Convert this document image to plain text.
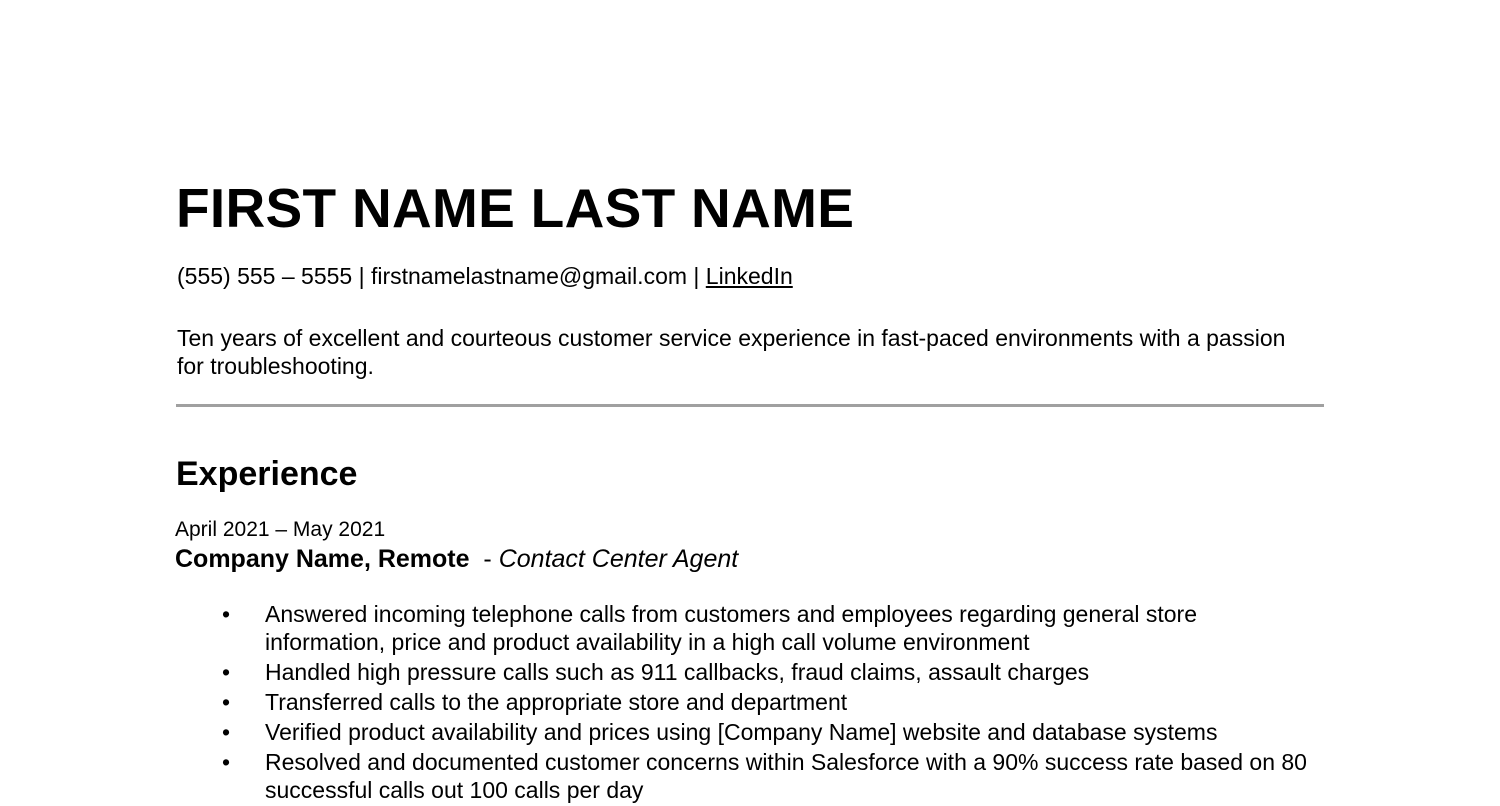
FIRST NAME LAST NAME
(555) 555 – 5555 | firstnamelastname@gmail.com | LinkedIn

Ten years of excellent and courteous customer service experience in fast-paced environments with a passion for troubleshooting.

Experience
April 2021 – May 2021
Company Name, Remote  - Contact Center Agent
• Answered incoming telephone calls from customers and employees regarding general store information, price and product availability in a high call volume environment
• Handled high pressure calls such as 911 callbacks, fraud claims, assault charges
• Transferred calls to the appropriate store and department
• Verified product availability and prices using [Company Name] website and database systems
• Resolved and documented customer concerns within Salesforce with a 90% success rate based on 80 successful calls out 100 calls per day
